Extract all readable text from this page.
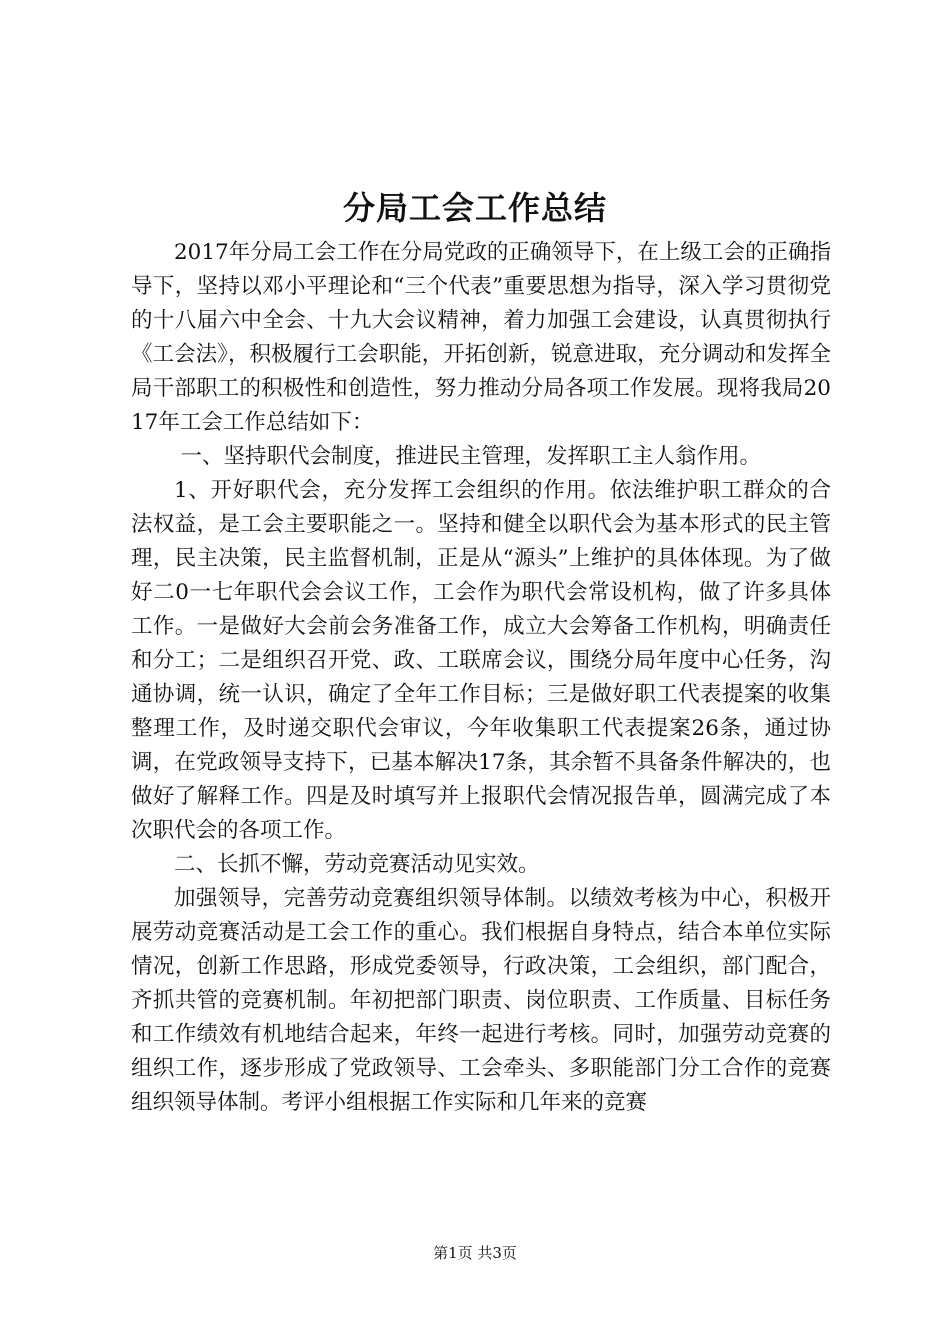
分局工会工作总结

2017年分局工会工作在分局党政的正确领导下，在上级工会的正确指导下，坚持以邓小平理论和“三个代表”重要思想为指导，深入学习贯彻党的十八届六中全会、十九大会议精神，着力加强工会建设，认真贯彻执行《工会法》，积极履行工会职能，开拓创新，锐意进取，充分调动和发挥全局干部职工的积极性和创造性，努力推动分局各项工作发展。现将我局2017年工会工作总结如下：

一、坚持职代会制度，推进民主管理，发挥职工主人翁作用。

1、开好职代会，充分发挥工会组织的作用。依法维护职工群众的合法权益，是工会主要职能之一。坚持和健全以职代会为基本形式的民主管理，民主决策，民主监督机制，正是从“源头”上维护的具体体现。为了做好二0一七年职代会会议工作，工会作为职代会常设机构，做了许多具体工作。一是做好大会前会务准备工作，成立大会筹备工作机构，明确责任和分工；二是组织召开党、政、工联席会议，围绕分局年度中心任务，沟通协调，统一认识，确定了全年工作目标；三是做好职工代表提案的收集整理工作，及时递交职代会审议，今年收集职工代表提案26条，通过协调，在党政领导支持下，已基本解决17条，其余暂不具备条件解决的，也做好了解释工作。四是及时填写并上报职代会情况报告单，圆满完成了本次职代会的各项工作。

二、长抓不懈，劳动竞赛活动见实效。

加强领导，完善劳动竞赛组织领导体制。以绩效考核为中心，积极开展劳动竞赛活动是工会工作的重心。我们根据自身特点，结合本单位实际情况，创新工作思路，形成党委领导，行政决策，工会组织，部门配合，齐抓共管的竞赛机制。年初把部门职责、岗位职责、工作质量、目标任务和工作绩效有机地结合起来，年终一起进行考核。同时，加强劳动竞赛的组织工作，逐步形成了党政领导、工会牵头、多职能部门分工合作的竞赛组织领导体制。考评小组根据工作实际和几年来的竞赛

第1页 共3页
